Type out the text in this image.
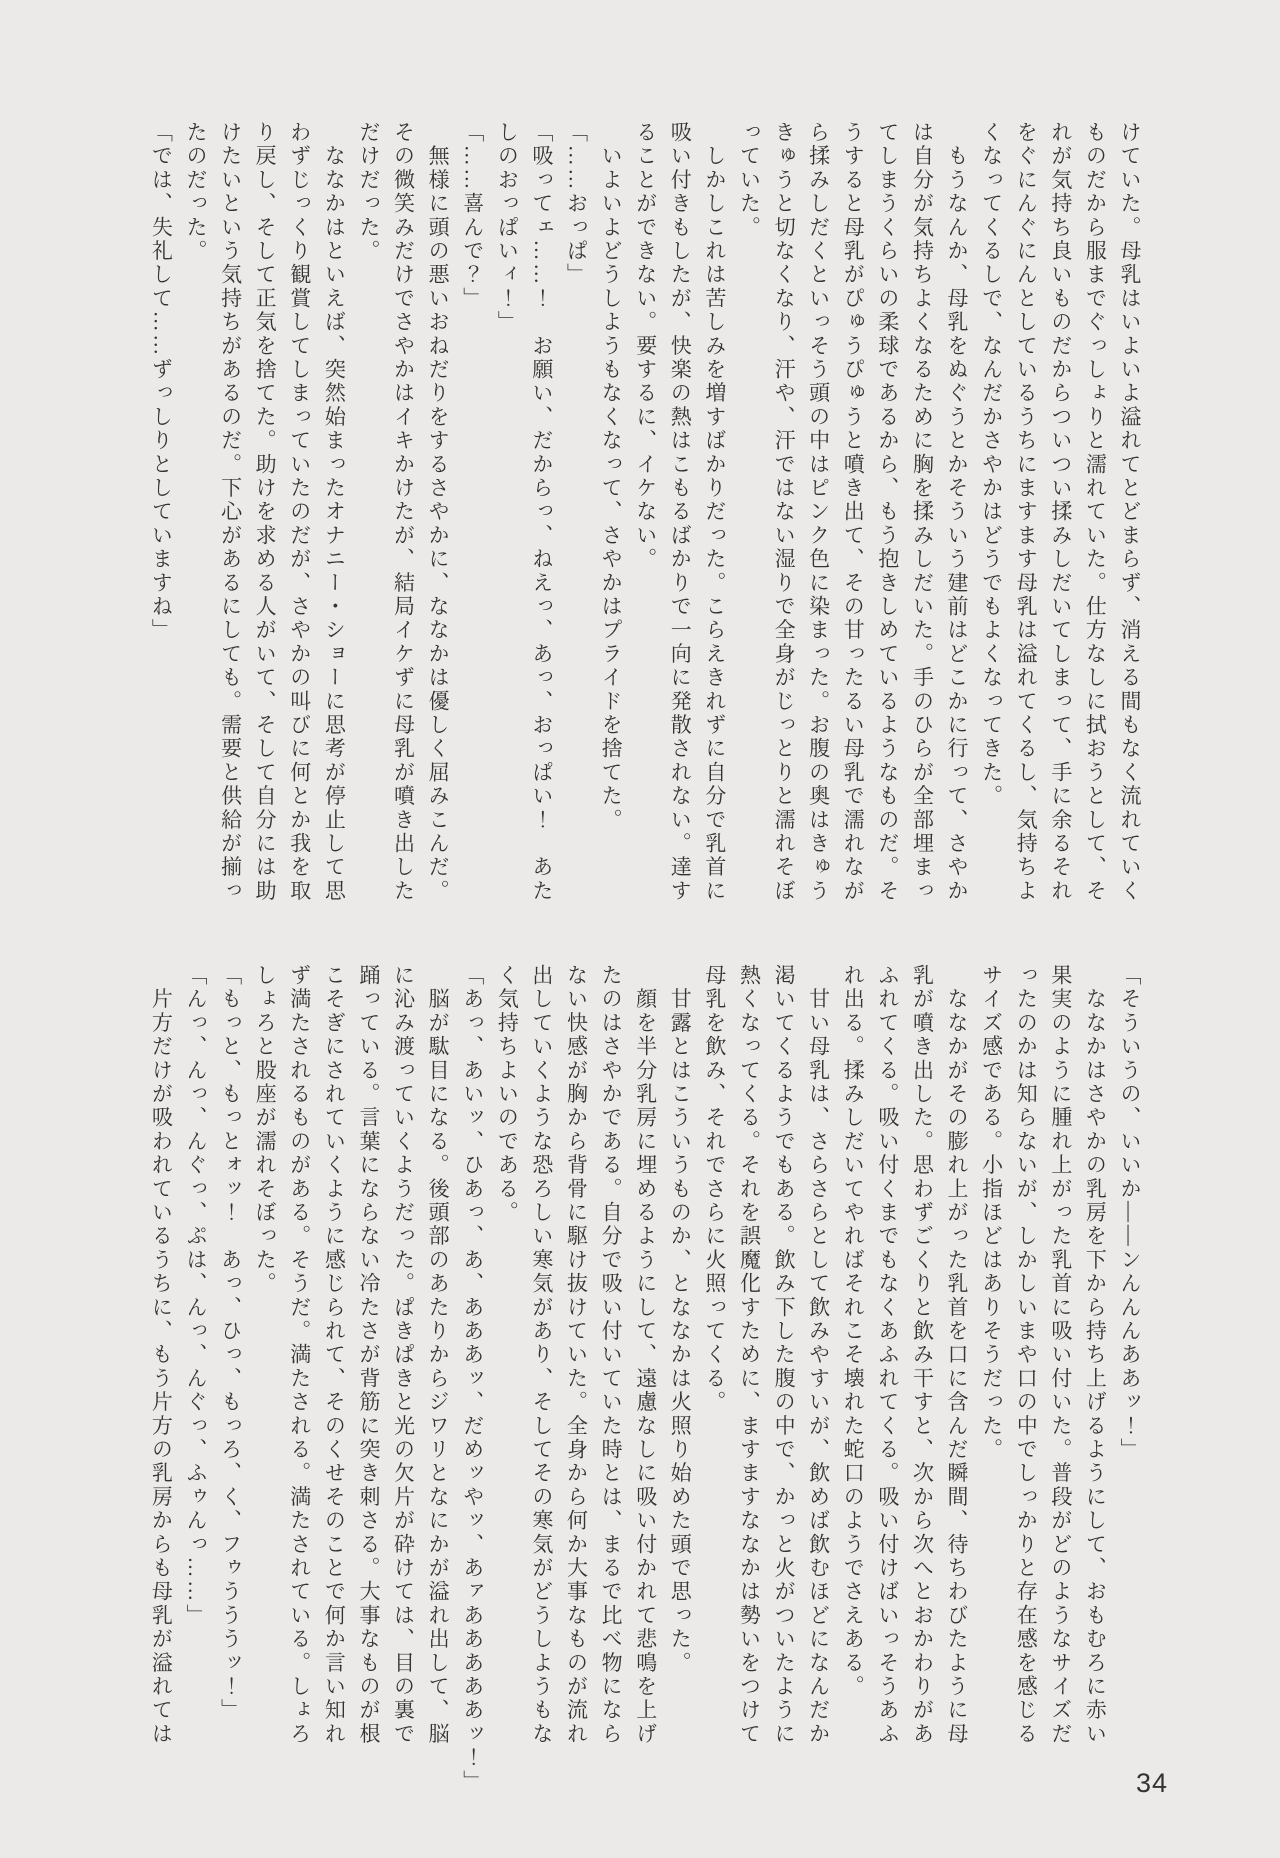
けていた。母乳はいよいよ溢れてとどまらず、消える間もなく流れていく

ものだから服までぐっしょりと濡れていた。仕方なしに拭おうとして、そ

れが気持ち良いものだからついつい揉みしだいてしまって、手に余るそれ

をぐにんぐにんとしているうちにますます母乳は溢れてくるし、気持ちよ

くなってくるしで、なんだかさやかはどうでもよくなってきた。

　もうなんか、母乳をぬぐうとかそういう建前はどこかに行って、さやか

は自分が気持ちよくなるために胸を揉みしだいた。手のひらが全部埋まっ

てしまうくらいの柔球であるから、もう抱きしめているようなものだ。そ

うすると母乳がぴゅうぴゅうと噴き出て、その甘ったるい母乳で濡れなが

ら揉みしだくといっそう頭の中はピンク色に染まった。お腹の奥はきゅう

きゅうと切なくなり、汗や、汗ではない湿りで全身がじっとりと濡れそぼ

っていた。

　しかしこれは苦しみを増すばかりだった。こらえきれずに自分で乳首に

吸い付きもしたが、快楽の熱はこもるばかりで一向に発散されない。達す

ることができない。要するに、イケない。

　いよいよどうしようもなくなって、さやかはプライドを捨てた。

「……おっぱ」

「吸ってェ……！　お願い、だからっ、ねえっ、あっ、おっぱい！　あた

しのおっぱいィ！」

「……喜んで？」

　無様に頭の悪いおねだりをするさやかに、ななかは優しく屈みこんだ。

その微笑みだけでさやかはイキかけたが、結局イケずに母乳が噴き出した

だけだった。

　ななかはといえば、突然始まったオナニー・ショーに思考が停止して思

わずじっくり観賞してしまっていたのだが、さやかの叫びに何とか我を取

り戻し、そして正気を捨てた。助けを求める人がいて、そして自分には助

けたいという気持ちがあるのだ。下心があるにしても。需要と供給が揃っ

たのだった。

「では、失礼して……ずっしりとしていますね」

「そういうの、いいか――ンんんんああッ！」

　ななかはさやかの乳房を下から持ち上げるようにして、おもむろに赤い

果実のように腫れ上がった乳首に吸い付いた。普段がどのようなサイズだ

ったのかは知らないが、しかしいまや口の中でしっかりと存在感を感じる

サイズ感である。小指ほどはありそうだった。

　ななかがその膨れ上がった乳首を口に含んだ瞬間、待ちわびたように母

乳が噴き出した。思わずごくりと飲み干すと、次から次へとおかわりがあ

ふれてくる。吸い付くまでもなくあふれてくる。吸い付けばいっそうあふ

れ出る。揉みしだいてやればそれこそ壊れた蛇口のようでさえある。

　甘い母乳は、さらさらとして飲みやすいが、飲めば飲むほどになんだか

渇いてくるようでもある。飲み下した腹の中で、かっと火がついたように

熱くなってくる。それを誤魔化すために、ますますななかは勢いをつけて

母乳を飲み、それでさらに火照ってくる。

　甘露とはこういうものか、とななかは火照り始めた頭で思った。

　顔を半分乳房に埋めるようにして、遠慮なしに吸い付かれて悲鳴を上げ

たのはさやかである。自分で吸い付いていた時とは、まるで比べ物になら

ない快感が胸から背骨に駆け抜けていた。全身から何か大事なものが流れ

出していくような恐ろしい寒気があり、そしてその寒気がどうしようもな

く気持ちよいのである。

「あっ、あいッ、ひあっ、あ、あああッ、だめッやッ、あァあああああッ！」

　脳が駄目になる。後頭部のあたりからジワリとなにかが溢れ出して、脳

に沁み渡っていくようだった。ぱきぱきと光の欠片が砕けては、目の裏で

踊っている。言葉にならない冷たさが背筋に突き刺さる。大事なものが根

こそぎにされていくように感じられて、そのくせそのことで何か言い知れ

ず満たされるものがある。そうだ。満たされる。満たされている。しょろ

しょろと股座が濡れそぼった。

「もっと、もっとォッ！　あっ、ひっ、もっろ、く、フゥうううッ！」

「んっ、んっ、んぐっ、ぷは、んっ、んぐっ、ふゥんっ……」

　片方だけが吸われているうちに、もう片方の乳房からも母乳が溢れては

34
